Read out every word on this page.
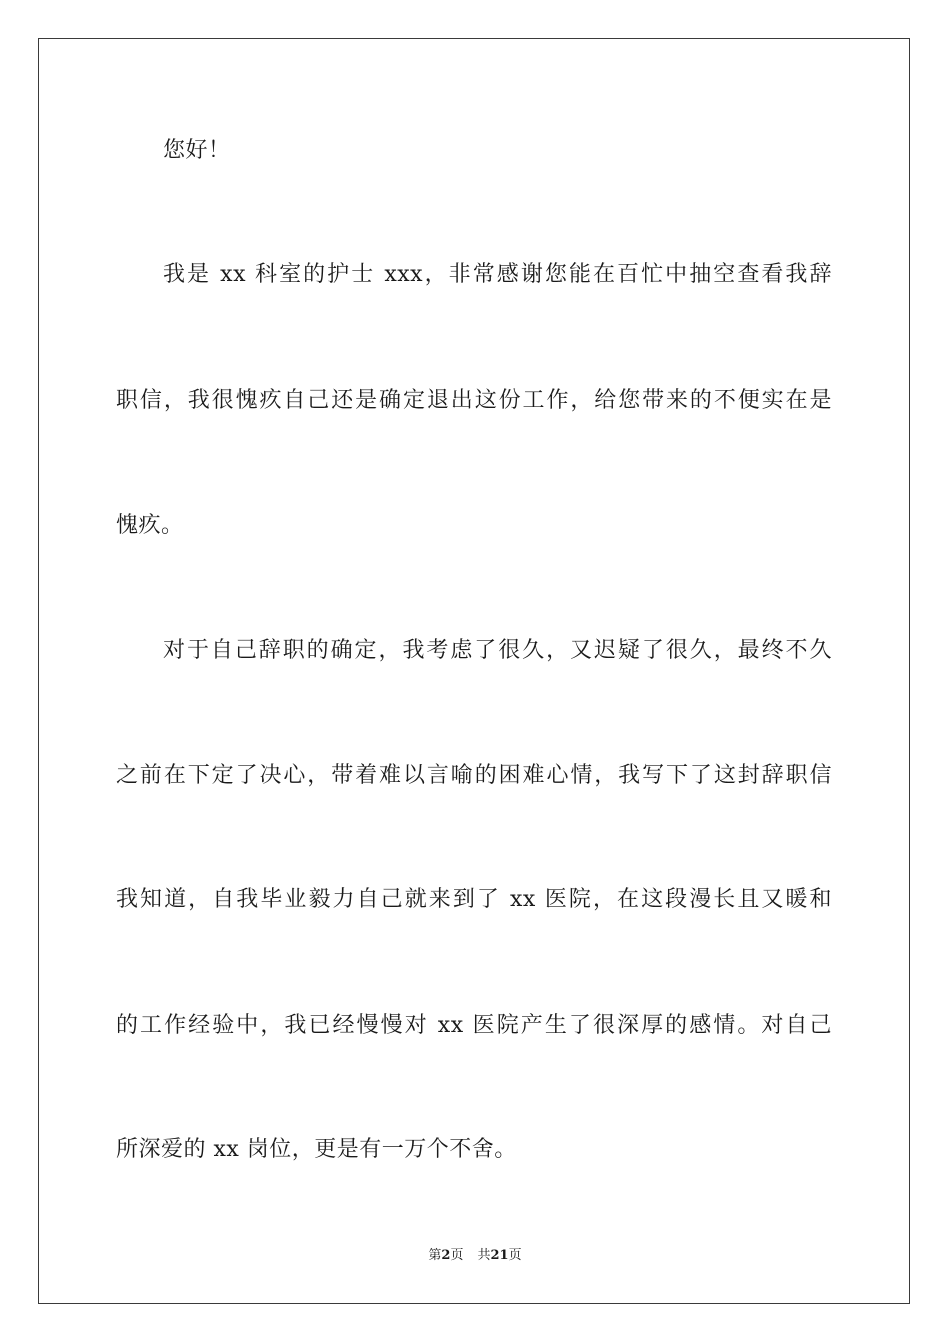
您好！
我是 xx 科室的护士 xxx，非常感谢您能在百忙中抽空查看我辞
职信，我很愧疚自己还是确定退出这份工作，给您带来的不便实在是
愧疚。
对于自己辞职的确定，我考虑了很久，又迟疑了很久，最终不久
之前在下定了决心，带着难以言喻的困难心情，我写下了这封辞职信
我知道，自我毕业毅力自己就来到了 xx 医院，在这段漫长且又暖和
的工作经验中，我已经慢慢对 xx 医院产生了很深厚的感情。对自己
所深爱的 xx 岗位，更是有一万个不舍。
第2页 共21页
